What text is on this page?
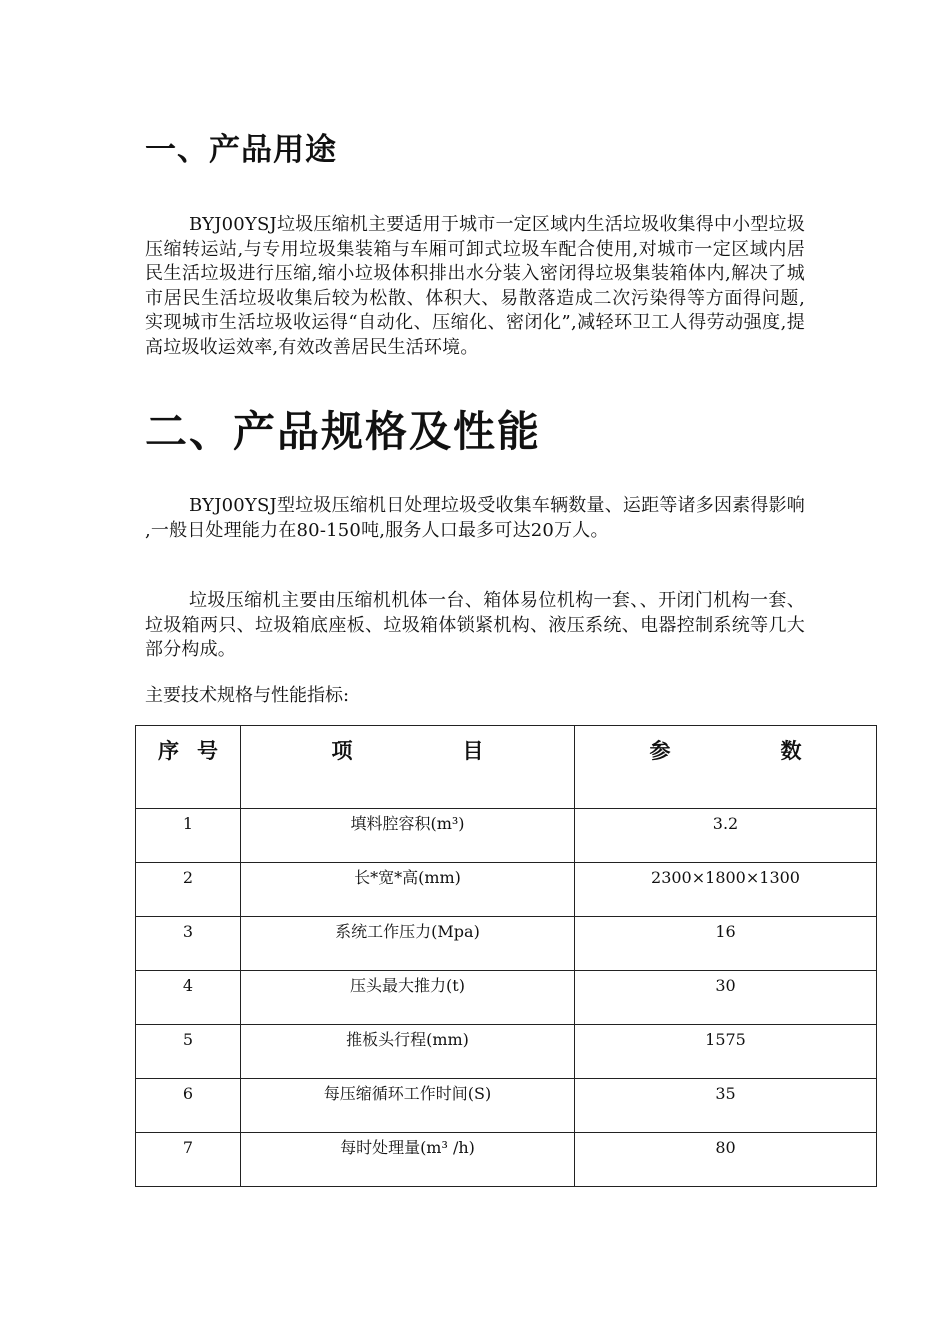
一、产品用途

BYJ00YSJ垃圾压缩机主要适用于城市一定区域内生活垃圾收集得中小型垃圾压缩转运站,与专用垃圾集装箱与车厢可卸式垃圾车配合使用,对城市一定区域内居民生活垃圾进行压缩,缩小垃圾体积排出水分装入密闭得垃圾集装箱体内,解决了城市居民生活垃圾收集后较为松散、体积大、易散落造成二次污染得等方面得问题,实现城市生活垃圾收运得“自动化、压缩化、密闭化”,减轻环卫工人得劳动强度,提高垃圾收运效率,有效改善居民生活环境。

二、产品规格及性能

BYJ00YSJ型垃圾压缩机日处理垃圾受收集车辆数量、运距等诸多因素得影响 ,一般日处理能力在80-150吨,服务人口最多可达20万人。

垃圾压缩机主要由压缩机机体一台、箱体易位机构一套、、开闭门机构一套、垃圾箱两只、垃圾箱底座板、垃圾箱体锁紧机构、液压系统、电器控制系统等几大部分构成。

主要技术规格与性能指标:

序 号	项 目	参 数

1	填料腔容积(m³)	3.2
2	长*宽*高(mm)	2300×1800×1300
3	系统工作压力(Mpa)	16
4	压头最大推力(t)	30
5	推板头行程(mm)	1575
6	每压缩循环工作时间(S)	35
7	每时处理量(m³ /h)	80
